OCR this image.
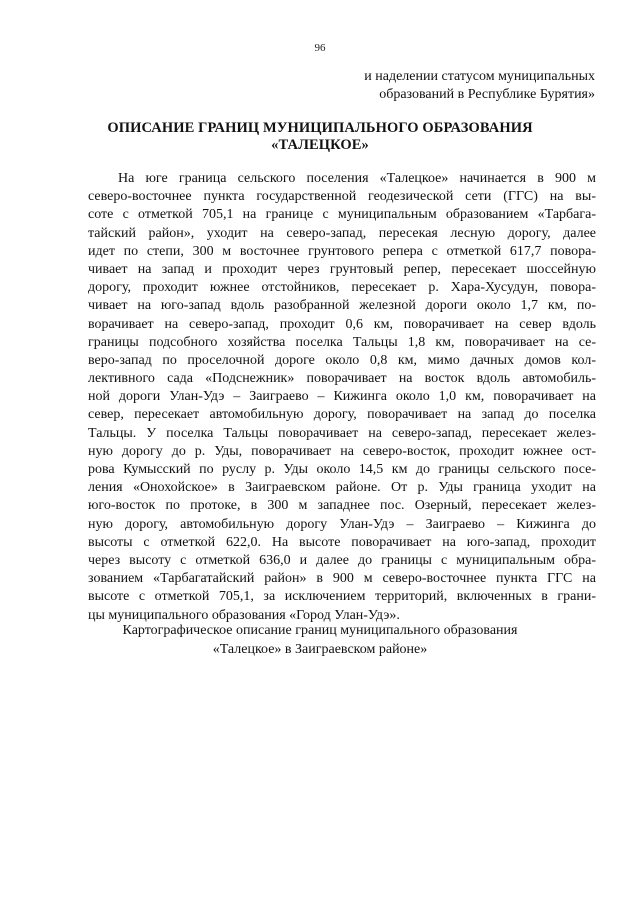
96
и наделении статусом муниципальных
образований в Республике Бурятия»
ОПИСАНИЕ ГРАНИЦ МУНИЦИПАЛЬНОГО ОБРАЗОВАНИЯ
«ТАЛЕЦКОЕ»
На юге граница сельского поселения «Талецкое» начинается в 900 м
северо-восточнее пункта государственной геодезической сети (ГГС) на вы-
соте с отметкой 705,1 на границе с муниципальным образованием «Тарбага-
тайский район», уходит на северо-запад, пересекая лесную дорогу, далее
идет по степи, 300 м восточнее грунтового репера с отметкой 617,7 повора-
чивает на запад и проходит через грунтовый репер, пересекает шоссейную
дорогу, проходит южнее отстойников, пересекает р. Хара-Хусудун, повора-
чивает на юго-запад вдоль разобранной железной дороги около 1,7 км, по-
ворачивает на северо-запад, проходит 0,6 км, поворачивает на север вдоль
границы подсобного хозяйства поселка Тальцы 1,8 км, поворачивает на се-
веро-запад по проселочной дороге около 0,8 км, мимо дачных домов кол-
лективного сада «Подснежник» поворачивает на восток вдоль автомобиль-
ной дороги Улан-Удэ – Заиграево – Кижинга около 1,0 км, поворачивает на
север, пересекает автомобильную дорогу, поворачивает на запад до поселка
Тальцы. У поселка Тальцы поворачивает на северо-запад, пересекает желез-
ную дорогу до р. Уды, поворачивает на северо-восток, проходит южнее ост-
рова Кумысский по руслу р. Уды около 14,5 км до границы сельского посе-
ления «Онохойское» в Заиграевском районе. От р. Уды граница уходит на
юго-восток по протоке, в 300 м западнее пос. Озерный, пересекает желез-
ную дорогу, автомобильную дорогу Улан-Удэ – Заиграево – Кижинга до
высоты с отметкой 622,0. На высоте поворачивает на юго-запад, проходит
через высоту с отметкой 636,0 и далее до границы с муниципальным обра-
зованием «Тарбагатайский район» в 900 м северо-восточнее пункта ГГС на
высоте с отметкой 705,1, за исключением территорий, включенных в грани-
цы муниципального образования «Город Улан-Удэ».
Картографическое описание границ муниципального образования
«Талецкое» в Заиграевском районе»
